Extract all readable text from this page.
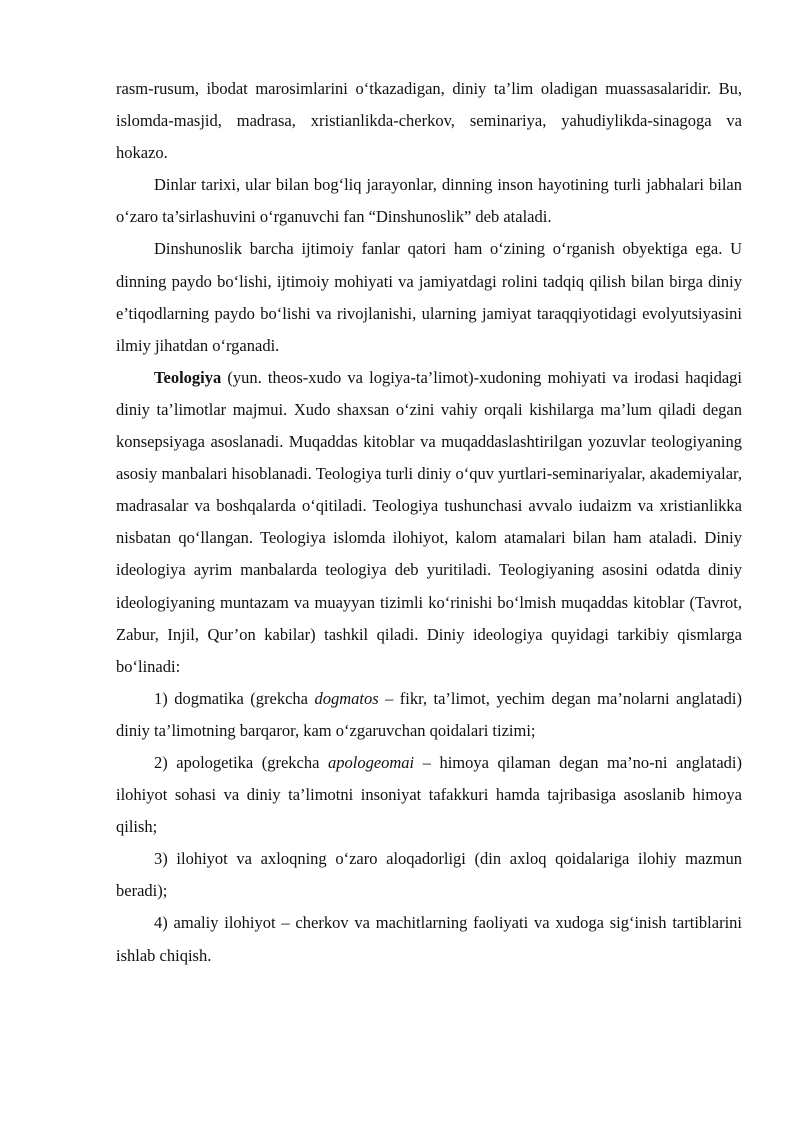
rasm-rusum, ibodat marosimlarini o‘tkazadigan, diniy ta’lim oladigan muassasalaridir. Bu, islomda-masjid, madrasa, xristianlikda-cherkov, seminariya, yahudiylikda-sinagoga va hokazo.

Dinlar tarixi, ular bilan bog‘liq jarayonlar, dinning inson hayotining turli jabhalari bilan o‘zaro ta’sirlashuvini o‘rganuvchi fan “Dinshunoslik” deb ataladi.

Dinshunoslik barcha ijtimoiy fanlar qatori ham o‘zining o‘rganish obyektiga ega. U dinning paydo bo‘lishi, ijtimoiy mohiyati va jamiyatdagi rolini tadqiq qilish bilan birga diniy e’tiqodlarning paydo bo‘lishi va rivojlanishi, ularning jamiyat taraqqiyotidagi evolyutsiyasini ilmiy jihatdan o‘rganadi.

Teologiya (yun. theos-xudo va logiya-ta’limot)-xudoning mohiyati va irodasi haqidagi diniy ta’limotlar majmui. Xudo shaxsan o‘zini vahiy orqali kishilarga ma’lum qiladi degan konsepsiyaga asoslanadi. Muqaddas kitoblar va muqaddaslashtirilgan yozuvlar teologiyaning asosiy manbalari hisoblanadi. Teologiya turli diniy o‘quv yurtlari-seminariyalar, akademiyalar, madrasalar va boshqalarda o‘qitiladi. Teologiya tushunchasi avvalo iudaizm va xristianlikka nisbatan qo‘llangan. Teologiya islomda ilohiyot, kalom atamalari bilan ham ataladi. Diniy ideologiya ayrim manbalarda teologiya deb yuritiladi. Teologiyaning asosini odatda diniy ideologiyaning muntazam va muayyan tizimli ko‘rinishi bo‘lmish muqaddas kitoblar (Tavrot, Zabur, Injil, Qur’on kabilar) tashkil qiladi. Diniy ideologiya quyidagi tarkibiy qismlarga bo‘linadi:

1) dogmatika (grekcha dogmatos – fikr, ta’limot, yechim degan ma’nolarni anglatadi) diniy ta’limotning barqaror, kam o‘zgaruvchan qoidalari tizimi;

2) apologetika (grekcha apologeomai – himoya qilaman degan ma’no-ni anglatadi) ilohiyot sohasi va diniy ta’limotni insoniyat tafakkuri hamda tajribasiga asoslanib himoya qilish;

3) ilohiyot va axloqning o‘zaro aloqadorligi (din axloq qoidalariga ilohiy mazmun beradi);

4) amaliy ilohiyot – cherkov va machitlarning faoliyati va xudoga sig‘inish tartiblarini ishlab chiqish.
